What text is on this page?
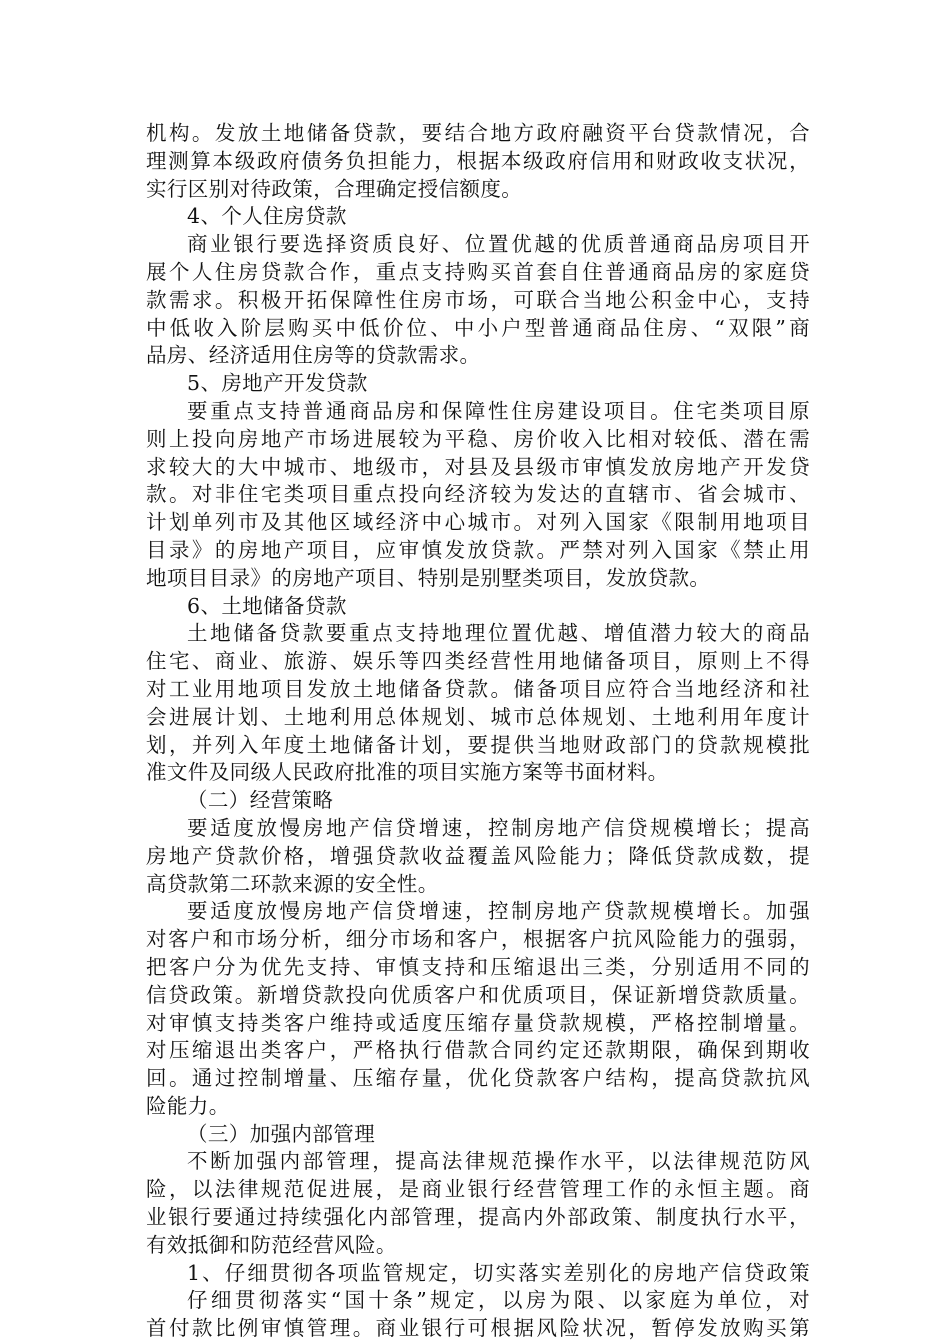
机构。发放土地储备贷款，要结合地方政府融资平台贷款情况，合
理测算本级政府债务负担能力，根据本级政府信用和财政收支状况，
实行区别对待政策，合理确定授信额度。
4、个人住房贷款
商业银行要选择资质良好、位置优越的优质普通商品房项目开
展个人住房贷款合作，重点支持购买首套自住普通商品房的家庭贷
款需求。积极开拓保障性住房市场，可联合当地公积金中心，支持
中低收入阶层购买中低价位、中小户型普通商品住房、“双限”商
品房、经济适用住房等的贷款需求。
5、房地产开发贷款
要重点支持普通商品房和保障性住房建设项目。住宅类项目原
则上投向房地产市场进展较为平稳、房价收入比相对较低、潜在需
求较大的大中城市、地级市，对县及县级市审慎发放房地产开发贷
款。对非住宅类项目重点投向经济较为发达的直辖市、省会城市、
计划单列市及其他区域经济中心城市。对列入国家《限制用地项目
目录》的房地产项目，应审慎发放贷款。严禁对列入国家《禁止用
地项目目录》的房地产项目、特别是别墅类项目，发放贷款。
6、土地储备贷款
土地储备贷款要重点支持地理位置优越、增值潜力较大的商品
住宅、商业、旅游、娱乐等四类经营性用地储备项目，原则上不得
对工业用地项目发放土地储备贷款。储备项目应符合当地经济和社
会进展计划、土地利用总体规划、城市总体规划、土地利用年度计
划，并列入年度土地储备计划，要提供当地财政部门的贷款规模批
准文件及同级人民政府批准的项目实施方案等书面材料。
（二）经营策略
要适度放慢房地产信贷增速，控制房地产信贷规模增长；提高
房地产贷款价格，增强贷款收益覆盖风险能力；降低贷款成数，提
高贷款第二环款来源的安全性。
要适度放慢房地产信贷增速，控制房地产贷款规模增长。加强
对客户和市场分析，细分市场和客户，根据客户抗风险能力的强弱，
把客户分为优先支持、审慎支持和压缩退出三类，分别适用不同的
信贷政策。新增贷款投向优质客户和优质项目，保证新增贷款质量。
对审慎支持类客户维持或适度压缩存量贷款规模，严格控制增量。
对压缩退出类客户，严格执行借款合同约定还款期限，确保到期收
回。通过控制增量、压缩存量，优化贷款客户结构，提高贷款抗风
险能力。
（三）加强内部管理
不断加强内部管理，提高法律规范操作水平，以法律规范防风
险，以法律规范促进展，是商业银行经营管理工作的永恒主题。商
业银行要通过持续强化内部管理，提高内外部政策、制度执行水平，
有效抵御和防范经营风险。
1、仔细贯彻各项监管规定，切实落实差别化的房地产信贷政策
仔细贯彻落实“国十条”规定，以房为限、以家庭为单位，对
首付款比例审慎管理。商业银行可根据风险状况，暂停发放购买第
